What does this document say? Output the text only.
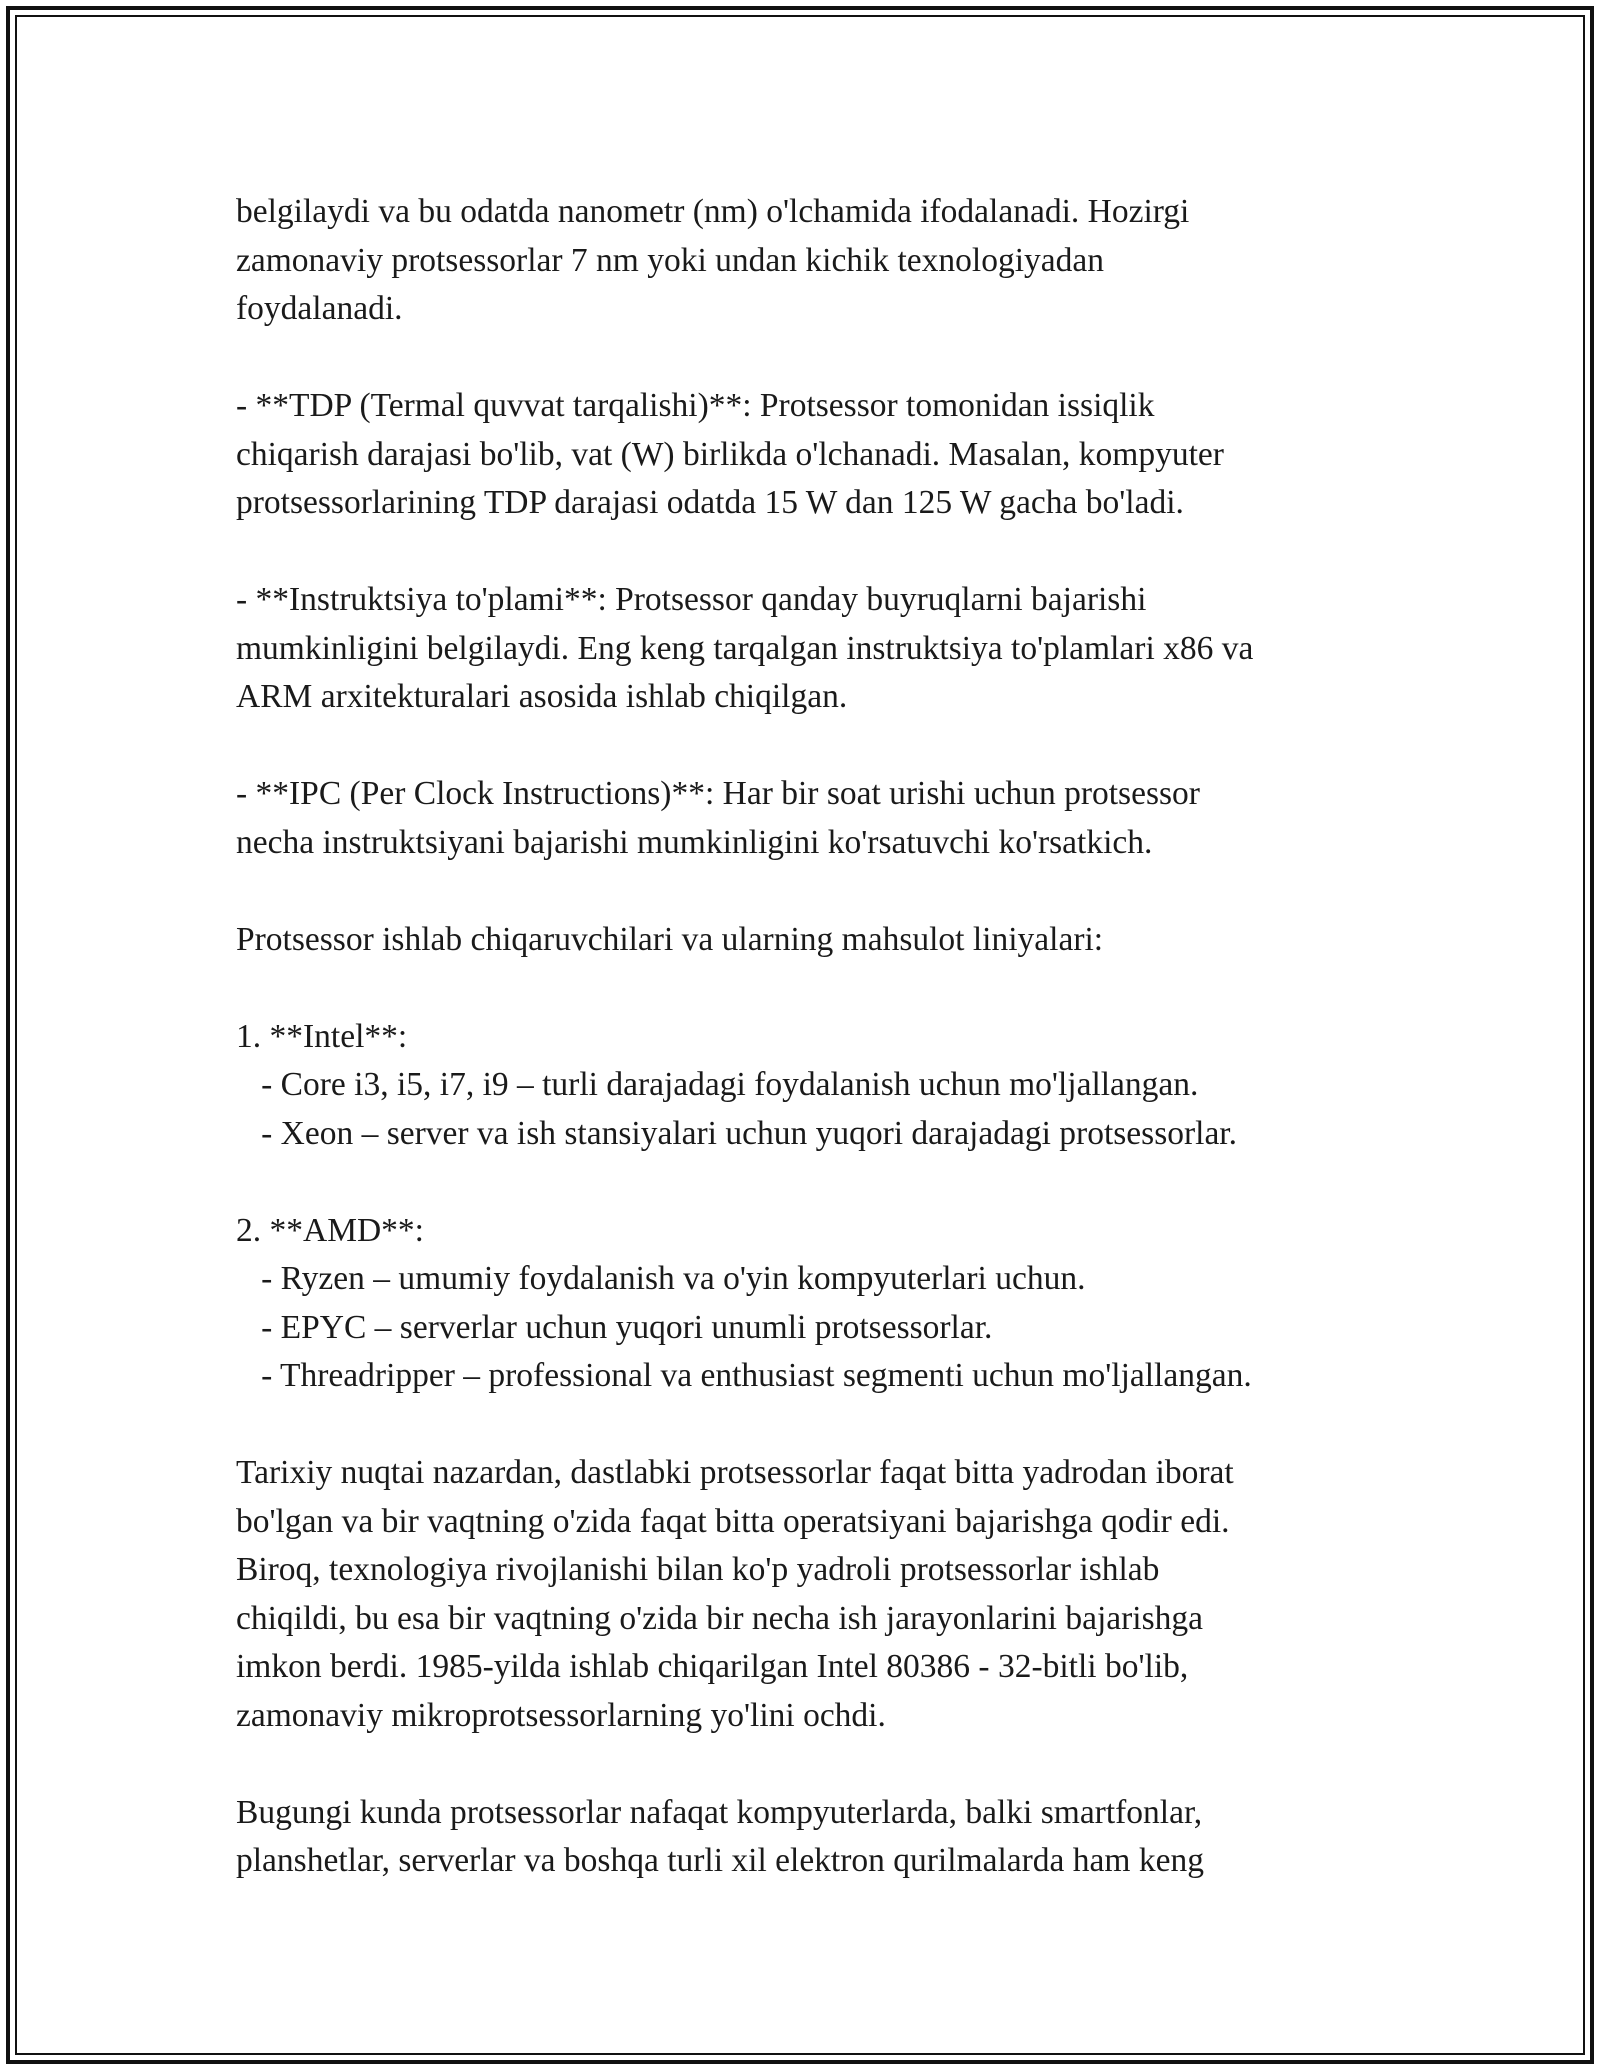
belgilaydi va bu odatda nanometr (nm) o'lchamida ifodalanadi. Hozirgi
zamonaviy protsessorlar 7 nm yoki undan kichik texnologiyadan
foydalanadi.
- **TDP (Termal quvvat tarqalishi)**: Protsessor tomonidan issiqlik
chiqarish darajasi bo'lib, vat (W) birlikda o'lchanadi. Masalan, kompyuter
protsessorlarining TDP darajasi odatda 15 W dan 125 W gacha bo'ladi.
- **Instruktsiya to'plami**: Protsessor qanday buyruqlarni bajarishi
mumkinligini belgilaydi. Eng keng tarqalgan instruktsiya to'plamlari x86 va
ARM arxitekturalari asosida ishlab chiqilgan.
- **IPC (Per Clock Instructions)**: Har bir soat urishi uchun protsessor
necha instruktsiyani bajarishi mumkinligini ko'rsatuvchi ko'rsatkich.
Protsessor ishlab chiqaruvchilari va ularning mahsulot liniyalari:
1. **Intel**:
- Core i3, i5, i7, i9 – turli darajadagi foydalanish uchun mo'ljallangan.
- Xeon – server va ish stansiyalari uchun yuqori darajadagi protsessorlar.
2. **AMD**:
- Ryzen – umumiy foydalanish va o'yin kompyuterlari uchun.
- EPYC – serverlar uchun yuqori unumli protsessorlar.
- Threadripper – professional va enthusiast segmenti uchun mo'ljallangan.
Tarixiy nuqtai nazardan, dastlabki protsessorlar faqat bitta yadrodan iborat
bo'lgan va bir vaqtning o'zida faqat bitta operatsiyani bajarishga qodir edi.
Biroq, texnologiya rivojlanishi bilan ko'p yadroli protsessorlar ishlab
chiqildi, bu esa bir vaqtning o'zida bir necha ish jarayonlarini bajarishga
imkon berdi. 1985-yilda ishlab chiqarilgan Intel 80386 - 32-bitli bo'lib,
zamonaviy mikroprotsessorlarning yo'lini ochdi.
Bugungi kunda protsessorlar nafaqat kompyuterlarda, balki smartfonlar,
planshetlar, serverlar va boshqa turli xil elektron qurilmalarda ham keng
